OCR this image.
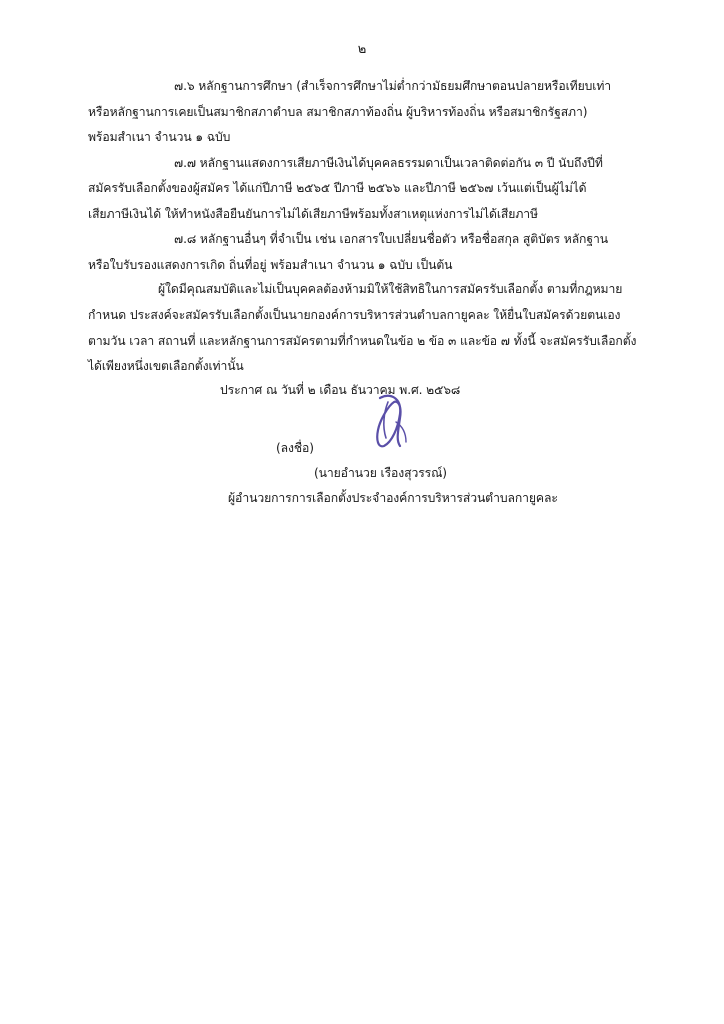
๒
๗.๖ หลักฐานการศึกษา (สำเร็จการศึกษาไม่ต่ำกว่ามัธยมศึกษาตอนปลายหรือเทียบเท่า
หรือหลักฐานการเคยเป็นสมาชิกสภาตำบล สมาชิกสภาท้องถิ่น ผู้บริหารท้องถิ่น หรือสมาชิกรัฐสภา)
พร้อมสำเนา จำนวน ๑ ฉบับ
๗.๗ หลักฐานแสดงการเสียภาษีเงินได้บุคคลธรรมดาเป็นเวลาติดต่อกัน ๓ ปี นับถึงปีที่
สมัครรับเลือกตั้งของผู้สมัคร ได้แก่ปีภาษี ๒๕๖๕ ปีภาษี ๒๕๖๖ และปีภาษี ๒๕๖๗ เว้นแต่เป็นผู้ไม่ได้
เสียภาษีเงินได้ ให้ทำหนังสือยืนยันการไม่ได้เสียภาษีพร้อมทั้งสาเหตุแห่งการไม่ได้เสียภาษี
๗.๘ หลักฐานอื่นๆ ที่จำเป็น เช่น เอกสารใบเปลี่ยนชื่อตัว หรือชื่อสกุล สูติบัตร หลักฐาน
หรือใบรับรองแสดงการเกิด ถิ่นที่อยู่ พร้อมสำเนา จำนวน ๑ ฉบับ เป็นต้น
ผู้ใดมีคุณสมบัติและไม่เป็นบุคคลต้องห้ามมิให้ใช้สิทธิในการสมัครรับเลือกตั้ง ตามที่กฎหมาย
กำหนด ประสงค์จะสมัครรับเลือกตั้งเป็นนายกองค์การบริหารส่วนตำบลกายูคละ ให้ยื่นใบสมัครด้วยตนเอง
ตามวัน เวลา สถานที่ และหลักฐานการสมัครตามที่กำหนดในข้อ ๒ ข้อ ๓ และข้อ ๗ ทั้งนี้ จะสมัครรับเลือกตั้ง
ได้เพียงหนึ่งเขตเลือกตั้งเท่านั้น
ประกาศ ณ วันที่ ๒ เดือน ธันวาคม พ.ศ. ๒๕๖๘
(ลงชื่อ)
(นายอำนวย เรืองสุวรรณ์)
ผู้อำนวยการการเลือกตั้งประจำองค์การบริหารส่วนตำบลกายูคละ
